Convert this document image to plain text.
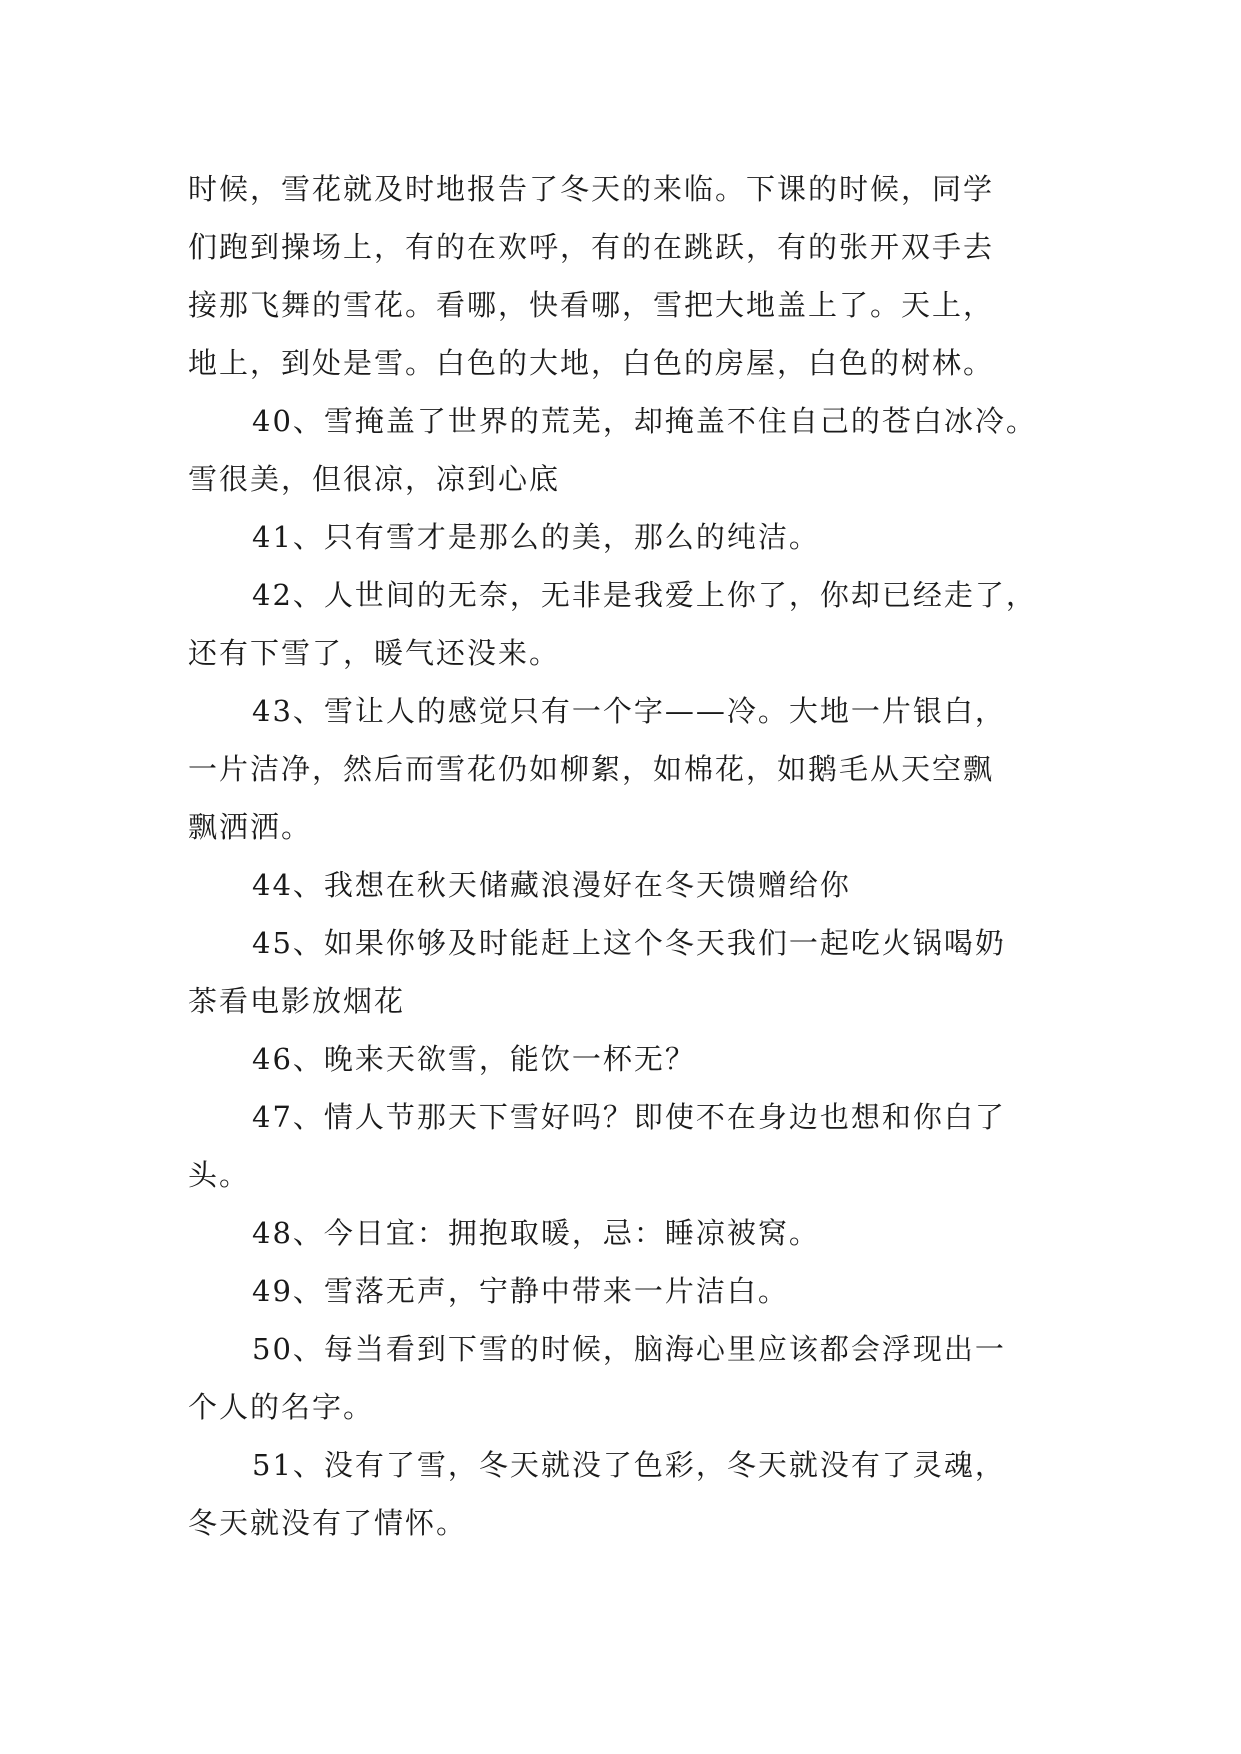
时候，雪花就及时地报告了冬天的来临。下课的时候，同学
们跑到操场上，有的在欢呼，有的在跳跃，有的张开双手去
接那飞舞的雪花。看哪，快看哪，雪把大地盖上了。天上，
地上，到处是雪。白色的大地，白色的房屋，白色的树林。
40、雪掩盖了世界的荒芜，却掩盖不住自己的苍白冰冷。
雪很美，但很凉，凉到心底
41、只有雪才是那么的美，那么的纯洁。
42、人世间的无奈，无非是我爱上你了，你却已经走了，
还有下雪了，暖气还没来。
43、雪让人的感觉只有一个字——冷。大地一片银白，
一片洁净，然后而雪花仍如柳絮，如棉花，如鹅毛从天空飘
飘洒洒。
44、我想在秋天储藏浪漫好在冬天馈赠给你
45、如果你够及时能赶上这个冬天我们一起吃火锅喝奶
茶看电影放烟花
46、晚来天欲雪，能饮一杯无？
47、情人节那天下雪好吗？即使不在身边也想和你白了
头。
48、今日宜：拥抱取暖，忌：睡凉被窝。
49、雪落无声，宁静中带来一片洁白。
50、每当看到下雪的时候，脑海心里应该都会浮现出一
个人的名字。
51、没有了雪，冬天就没了色彩，冬天就没有了灵魂，
冬天就没有了情怀。
